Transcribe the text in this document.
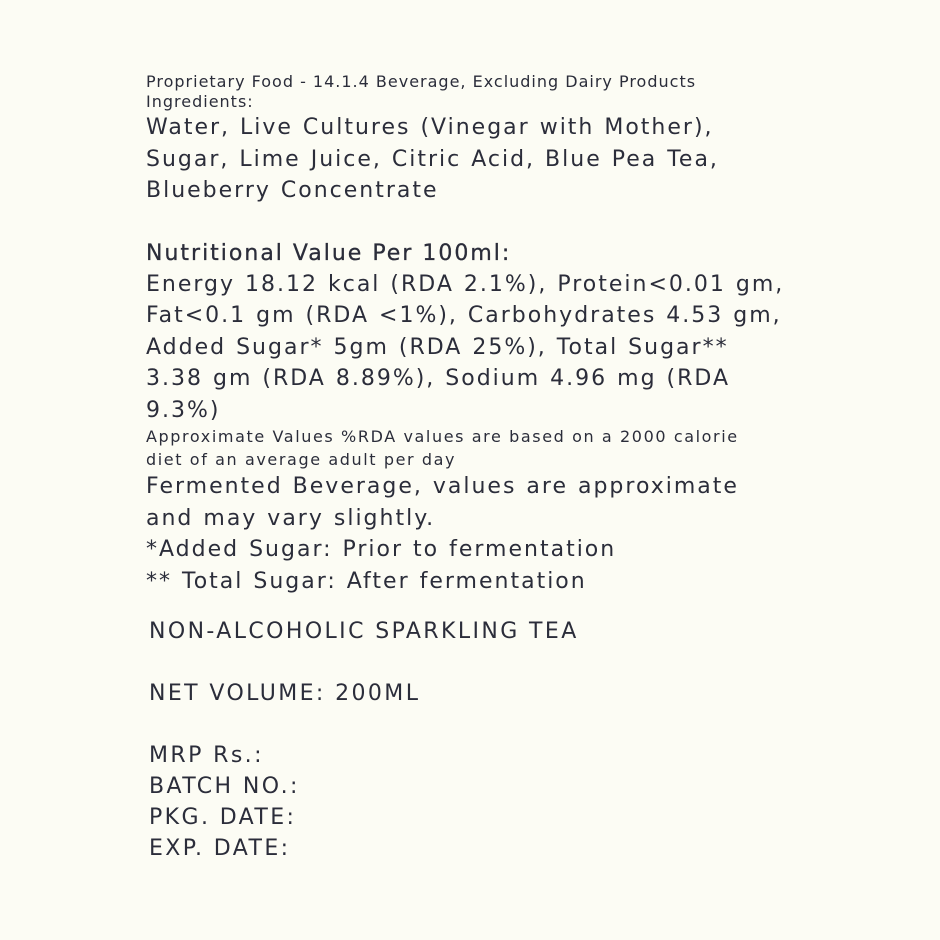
Proprietary Food - 14.1.4 Beverage, Excluding Dairy Products

Ingredients:

Water, Live Cultures (Vinegar with Mother),

Sugar, Lime Juice, Citric Acid, Blue Pea Tea,

Blueberry Concentrate

Nutritional Value Per 100ml:

Energy 18.12 kcal (RDA 2.1%), Protein<0.01 gm,

Fat<0.1 gm (RDA <1%), Carbohydrates 4.53 gm,

Added Sugar* 5gm (RDA 25%), Total Sugar**

3.38 gm (RDA 8.89%), Sodium 4.96 mg (RDA

9.3%)

Approximate Values %RDA values are based on a 2000 calorie

diet of an average adult per day

Fermented Beverage, values are approximate

and may vary slightly.

*Added Sugar: Prior to fermentation

** Total Sugar: After fermentation

NON-ALCOHOLIC SPARKLING TEA

NET VOLUME: 200ML

MRP Rs.:
BATCH NO.:
PKG. DATE:
EXP. DATE:
